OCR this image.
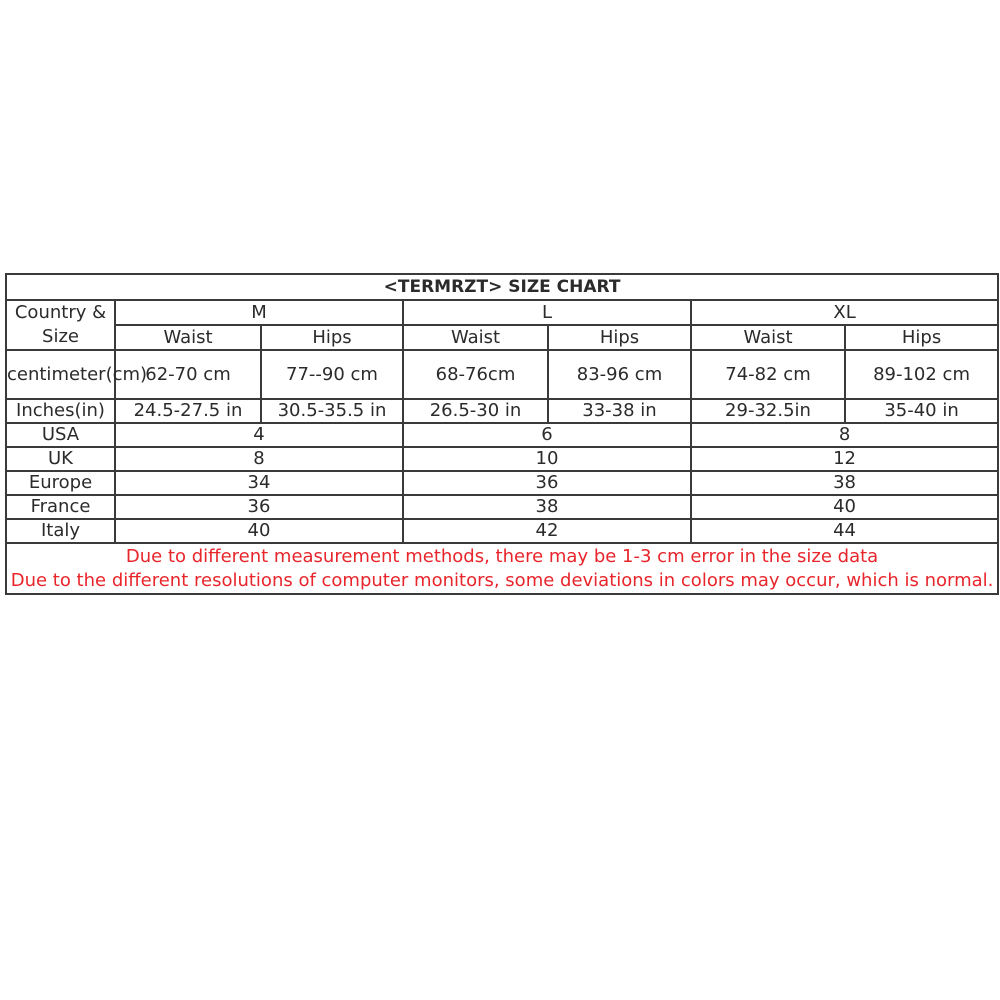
<TERMRZT> SIZE CHART						
Country & Size	M		L		XL	
	Waist	Hips	Waist	Hips	Waist	Hips
centimeter(cm)	62-70 cm	77--90 cm	68-76cm	83-96 cm	74-82 cm	89-102 cm
Inches(in)	24.5-27.5 in	30.5-35.5 in	26.5-30 in	33-38 in	29-32.5in	35-40 in
USA	4		6		8	
UK	8		10		12	
Europe	34		36		38	
France	36		38		40	
Italy	40		42		44	

Due to different measurement methods, there may be 1-3 cm error in the size data
Due to the different resolutions of computer monitors, some deviations in colors may occur, which is normal.						
